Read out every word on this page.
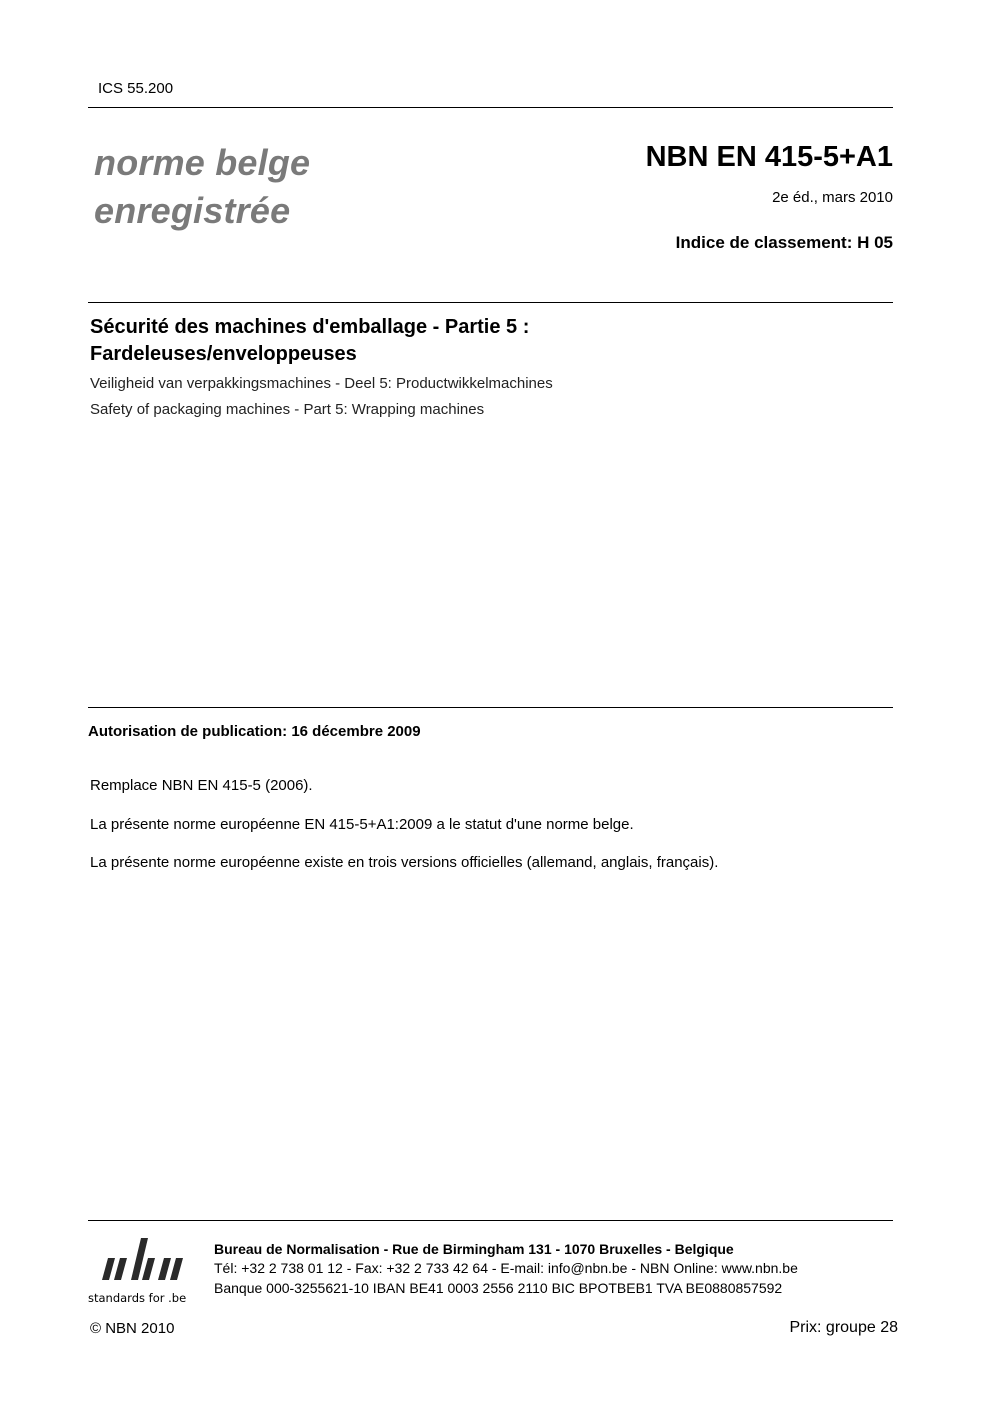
ICS 55.200
norme belge
enregistrée
NBN EN 415-5+A1
2e éd., mars 2010
Indice de classement: H 05
Sécurité des machines d'emballage - Partie 5 :
Fardeleuses/enveloppeuses
Veiligheid van verpakkingsmachines - Deel 5: Productwikkelmachines
Safety of packaging machines - Part 5: Wrapping machines
Autorisation de publication: 16 décembre 2009
Remplace NBN EN 415-5 (2006).
La présente norme européenne EN 415-5+A1:2009 a le statut d'une norme belge.
La présente norme européenne existe en trois versions officielles (allemand, anglais, français).
standards for .be
Bureau de Normalisation - Rue de Birmingham 131 - 1070 Bruxelles - Belgique
Tél: +32 2 738 01 12 - Fax: +32 2 733 42 64 - E-mail: info@nbn.be - NBN Online: www.nbn.be
Banque 000-3255621-10 IBAN BE41 0003 2556 2110 BIC BPOTBEB1 TVA BE0880857592
© NBN 2010	Prix: groupe 28
